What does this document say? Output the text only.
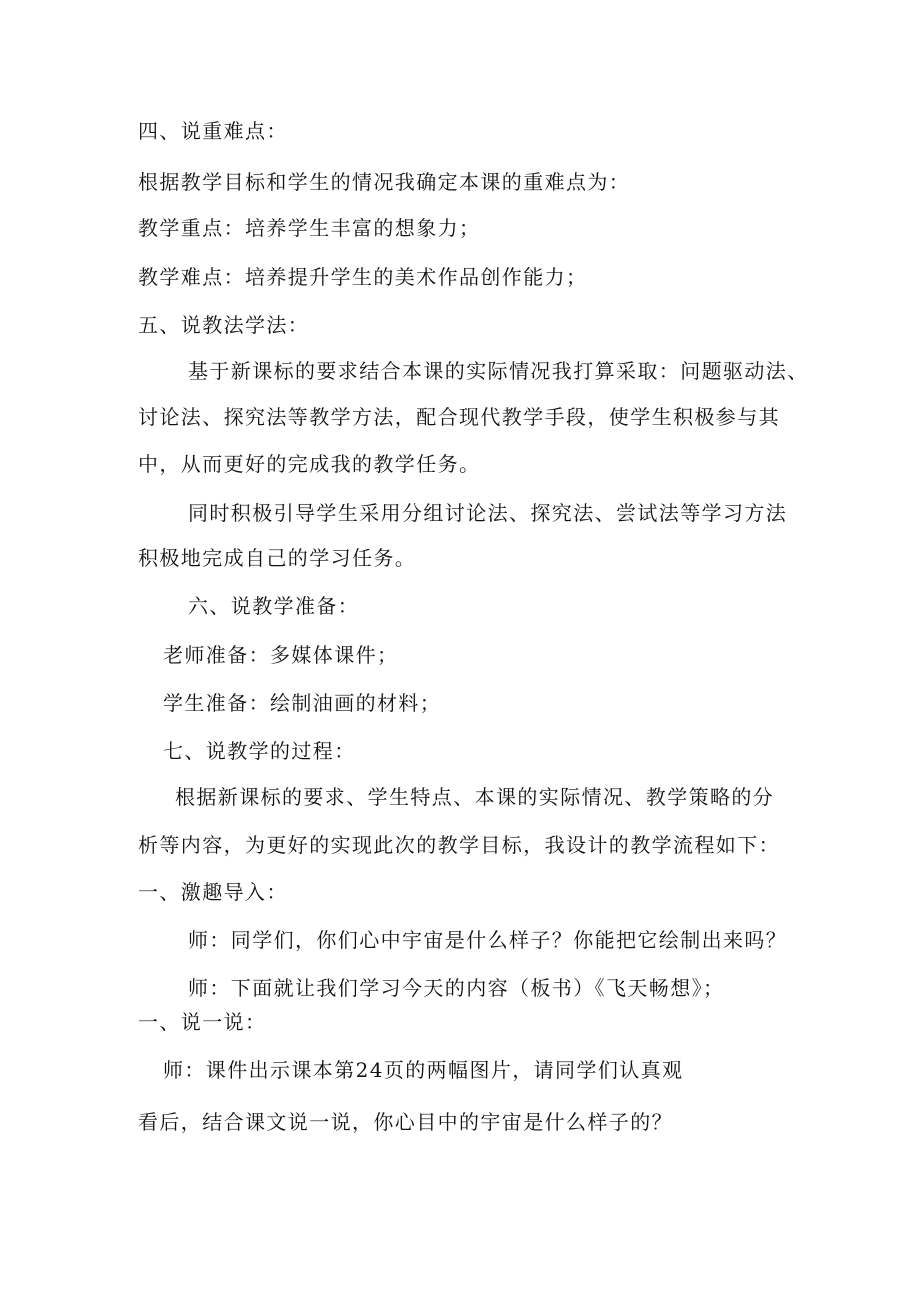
四、说重难点：
根据教学目标和学生的情况我确定本课的重难点为：
教学重点：培养学生丰富的想象力；
教学难点：培养提升学生的美术作品创作能力；
五、说教法学法：
基于新课标的要求结合本课的实际情况我打算采取：问题驱动法、
讨论法、探究法等教学方法，配合现代教学手段，使学生积极参与其
中，从而更好的完成我的教学任务。
同时积极引导学生采用分组讨论法、探究法、尝试法等学习方法
积极地完成自己的学习任务。
六、说教学准备：
老师准备：多媒体课件；
学生准备：绘制油画的材料；
七、说教学的过程：
根据新课标的要求、学生特点、本课的实际情况、教学策略的分
析等内容，为更好的实现此次的教学目标，我设计的教学流程如下：
一、激趣导入：
师：同学们，你们心中宇宙是什么样子？你能把它绘制出来吗？
师：下面就让我们学习今天的内容（板书）《飞天畅想》；
一、说一说：
师：课件出示课本第24页的两幅图片，请同学们认真观
看后，结合课文说一说，你心目中的宇宙是什么样子的？
